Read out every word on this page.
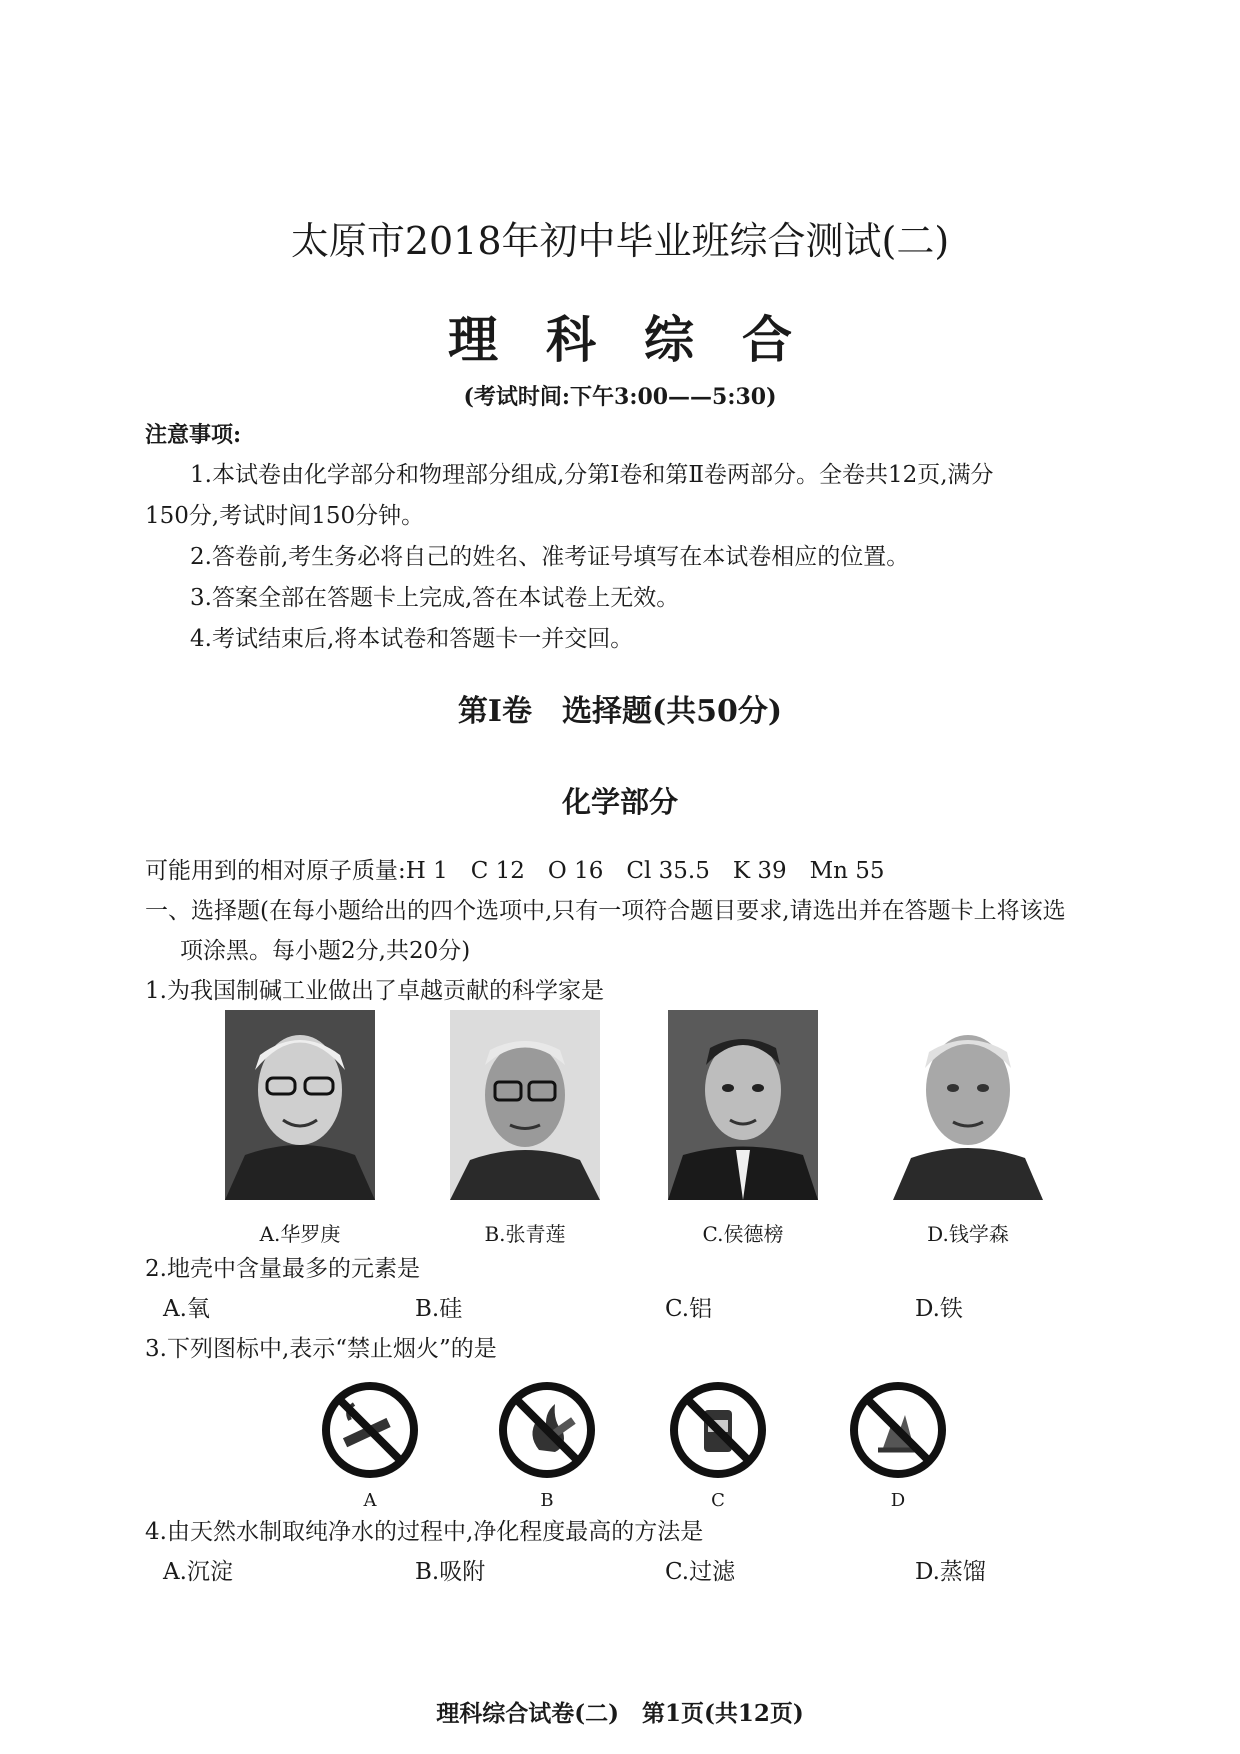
太原市2018年初中毕业班综合测试(二)
理科综合
(考试时间:下午3:00——5:30)
注意事项:
1.本试卷由化学部分和物理部分组成,分第Ⅰ卷和第Ⅱ卷两部分。全卷共12页,满分
150分,考试时间150分钟。
2.答卷前,考生务必将自己的姓名、准考证号填写在本试卷相应的位置。
3.答案全部在答题卡上完成,答在本试卷上无效。
4.考试结束后,将本试卷和答题卡一并交回。
第Ⅰ卷　选择题(共50分)
化学部分
可能用到的相对原子质量:H 1　C 12　O 16　Cl 35.5　K 39　Mn 55
一、选择题(在每小题给出的四个选项中,只有一项符合题目要求,请选出并在答题卡上将该选
项涂黑。每小题2分,共20分)
1.为我国制碱工业做出了卓越贡献的科学家是
A.华罗庚	B.张青莲	C.侯德榜	D.钱学森
2.地壳中含量最多的元素是
A.氧	B.硅	C.铝	D.铁
3.下列图标中,表示“禁止烟火”的是
A	B	C	D
4.由天然水制取纯净水的过程中,净化程度最高的方法是
A.沉淀	B.吸附	C.过滤	D.蒸馏
理科综合试卷(二)　第1页(共12页)
